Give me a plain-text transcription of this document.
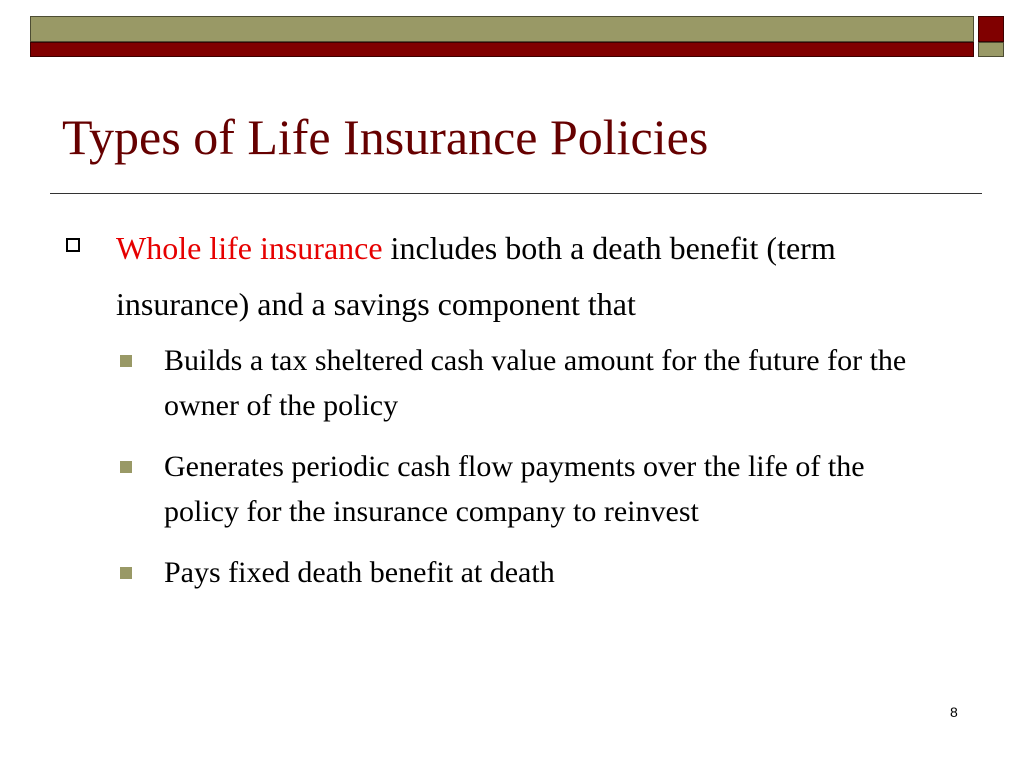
Types of Life Insurance Policies

Whole life insurance includes both a death benefit (term insurance) and a savings component that

Builds a tax sheltered cash value amount for the future for the owner of the policy
Generates periodic cash flow payments over the life of the policy for the insurance company to reinvest
Pays fixed death benefit at death
8
